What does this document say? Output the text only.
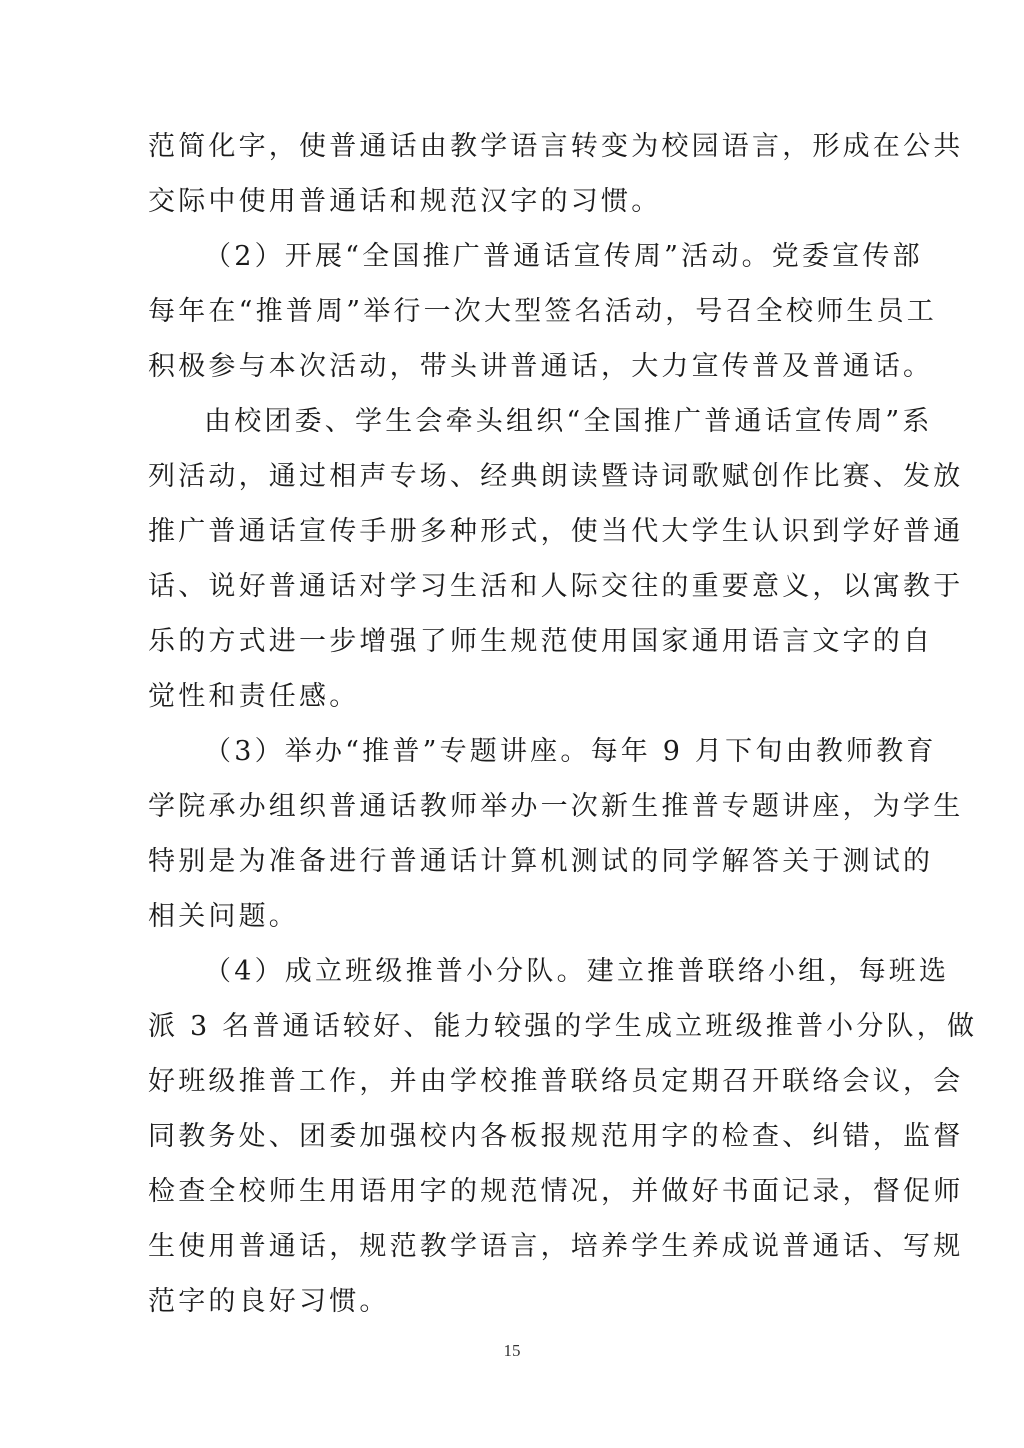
范简化字，使普通话由教学语言转变为校园语言，形成在公共
交际中使用普通话和规范汉字的习惯。
（2）开展“全国推广普通话宣传周”活动。党委宣传部
每年在“推普周”举行一次大型签名活动，号召全校师生员工
积极参与本次活动，带头讲普通话，大力宣传普及普通话。
由校团委、学生会牵头组织“全国推广普通话宣传周”系
列活动，通过相声专场、经典朗读暨诗词歌赋创作比赛、发放
推广普通话宣传手册多种形式，使当代大学生认识到学好普通
话、说好普通话对学习生活和人际交往的重要意义，以寓教于
乐的方式进一步增强了师生规范使用国家通用语言文字的自
觉性和责任感。
（3）举办“推普”专题讲座。每年 9 月下旬由教师教育
学院承办组织普通话教师举办一次新生推普专题讲座，为学生
特别是为准备进行普通话计算机测试的同学解答关于测试的
相关问题。
（4）成立班级推普小分队。建立推普联络小组，每班选
派 3 名普通话较好、能力较强的学生成立班级推普小分队，做
好班级推普工作，并由学校推普联络员定期召开联络会议，会
同教务处、团委加强校内各板报规范用字的检查、纠错，监督
检查全校师生用语用字的规范情况，并做好书面记录，督促师
生使用普通话，规范教学语言，培养学生养成说普通话、写规
范字的良好习惯。
15
